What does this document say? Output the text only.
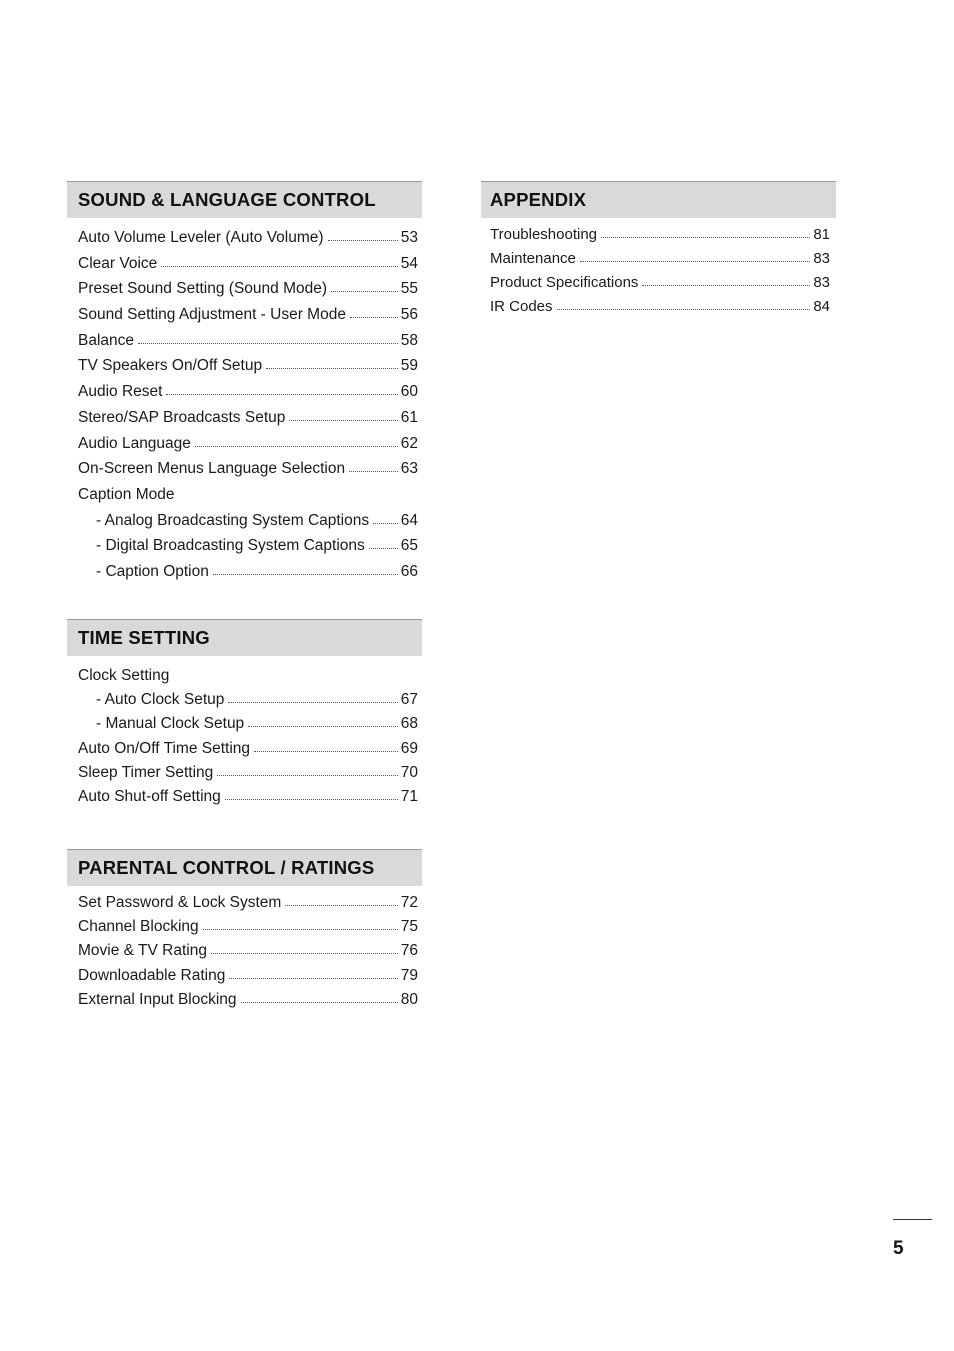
SOUND & LANGUAGE CONTROL
Auto Volume Leveler (Auto Volume)	53
Clear Voice	54
Preset Sound Setting (Sound Mode)	55
Sound Setting Adjustment - User Mode	56
Balance	58
TV Speakers On/Off Setup	59
Audio Reset	60
Stereo/SAP Broadcasts Setup	61
Audio Language	62
On-Screen Menus Language Selection	63
Caption Mode
- Analog Broadcasting System Captions 64
- Digital Broadcasting System Captions 65
- Caption Option	66
TIME SETTING
Clock Setting
- Auto Clock Setup	67
- Manual Clock Setup	68
Auto On/Off Time Setting	69
Sleep Timer Setting	70
Auto Shut-off Setting	71
PARENTAL CONTROL / RATINGS
Set Password & Lock System	72
Channel Blocking	75
Movie & TV Rating	76
Downloadable Rating	79
External Input Blocking	80
APPENDIX
Troubleshooting	81
Maintenance	83
Product Specifications	83
IR Codes	84
5
